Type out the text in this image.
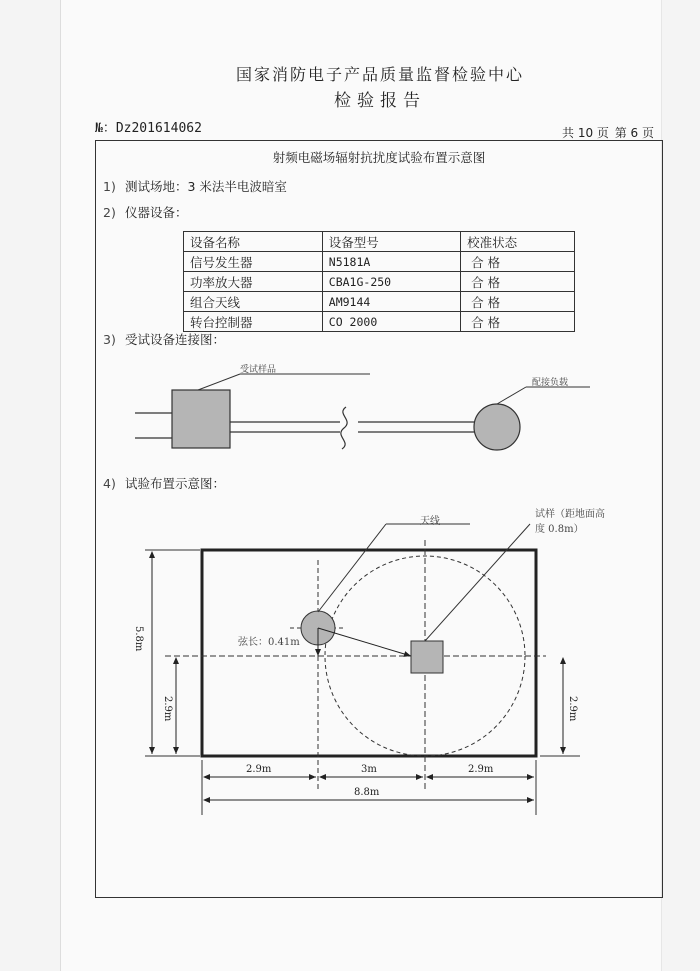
国家消防电子产品质量监督检验中心
检验报告
№：Dz201614062	共 10 页 第 6 页
射频电磁场辐射抗扰度试验布置示意图
1) 测试场地：3 米法半电波暗室
2) 仪器设备：
设备名称	设备型号	校准状态
信号发生器	N5181A	合 格
功率放大器	CBA1G-250	合 格
组合天线	AM9144	合 格
转台控制器	CO 2000	合 格
3) 受试设备连接图：
受试样品
配接负载
4) 试验布置示意图：
天线
试样（距地面高
度 0.8m）
弦长：0.41m
5.8m
2.9m	2.9m
2.9m	3m	2.9m
8.8m
